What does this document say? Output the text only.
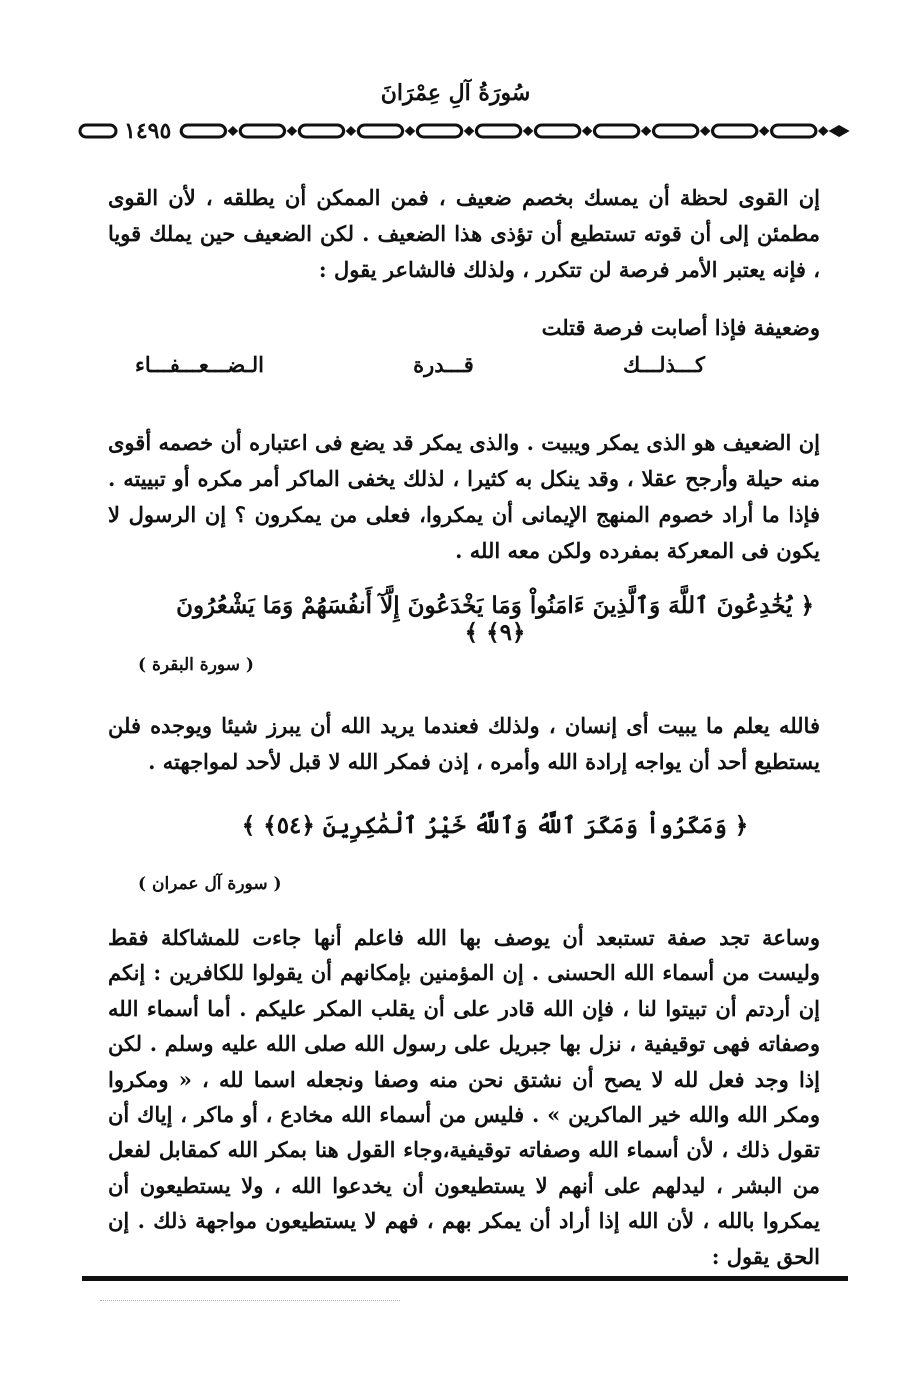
سُورَةُ آلِ عِمْرَانَ
١٤٩٥

إن القوى لحظة أن يمسك بخصم ضعيف ، فمن الممكن أن يطلقه ، لأن القوى مطمئن إلى أن قوته تستطيع أن تؤذى هذا الضعيف . لكن الضعيف حين يملك قويا ، فإنه يعتبر الأمر فرصة لن تتكرر ، ولذلك فالشاعر يقول :

وضعيفة فإذا أصابت فرصة قتلت
كـــذلـــك
قـــدرة
الـضـــعـــفـــاء

إن الضعيف هو الذى يمكر ويبيت . والذى يمكر قد يضع فى اعتباره أن خصمه أقوى منه حيلة وأرجح عقلا ، وقد ينكل به كثيرا ، لذلك يخفى الماكر أمر مكره أو تبييته . فإذا ما أراد خصوم المنهج الإيمانى أن يمكروا، فعلى من يمكرون ؟ إن الرسول لا يكون فى المعركة بمفرده ولكن معه الله .

﴿ يُخَٰدِعُونَ ٱللَّهَ وَٱلَّذِينَ ءَامَنُواْ وَمَا يَخْدَعُونَ إِلَّآ أَنفُسَهُمْ وَمَا يَشْعُرُونَ ﴿٩﴾ ﴾
( سورة البقرة )

فالله يعلم ما يبيت أى إنسان ، ولذلك فعندما يريد الله أن يبرز شيئا ويوجده فلن يستطيع أحد أن يواجه إرادة الله وأمره ، إذن فمكر الله لا قبل لأحد لمواجهته .

﴿ وَمَكَرُواْ وَمَكَرَ ٱللَّهُ وَٱللَّهُ خَيْرُ ٱلْمَٰكِرِينَ ﴿٥٤﴾ ﴾
( سورة آل عمران )

وساعة تجد صفة تستبعد أن يوصف بها الله فاعلم أنها جاءت للمشاكلة فقط وليست من أسماء الله الحسنى . إن المؤمنين بإمكانهم أن يقولوا للكافرين : إنكم إن أردتم أن تبيتوا لنا ، فإن الله قادر على أن يقلب المكر عليكم . أما أسماء الله وصفاته فهى توقيفية ، نزل بها جبريل على رسول الله صلى الله عليه وسلم . لكن إذا وجد فعل لله لا يصح أن نشتق نحن منه وصفا ونجعله اسما لله ، « ومكروا ومكر الله والله خير الماكرين » . فليس من أسماء الله مخادع ، أو ماكر ، إياك أن تقول ذلك ، لأن أسماء الله وصفاته توقيفية،وجاء القول هنا بمكر الله كمقابل لفعل من البشر ، ليدلهم على أنهم لا يستطيعون أن يخدعوا الله ، ولا يستطيعون أن يمكروا بالله ، لأن الله إذا أراد أن يمكر بهم ، فهم لا يستطيعون مواجهة ذلك . إن الحق يقول :
